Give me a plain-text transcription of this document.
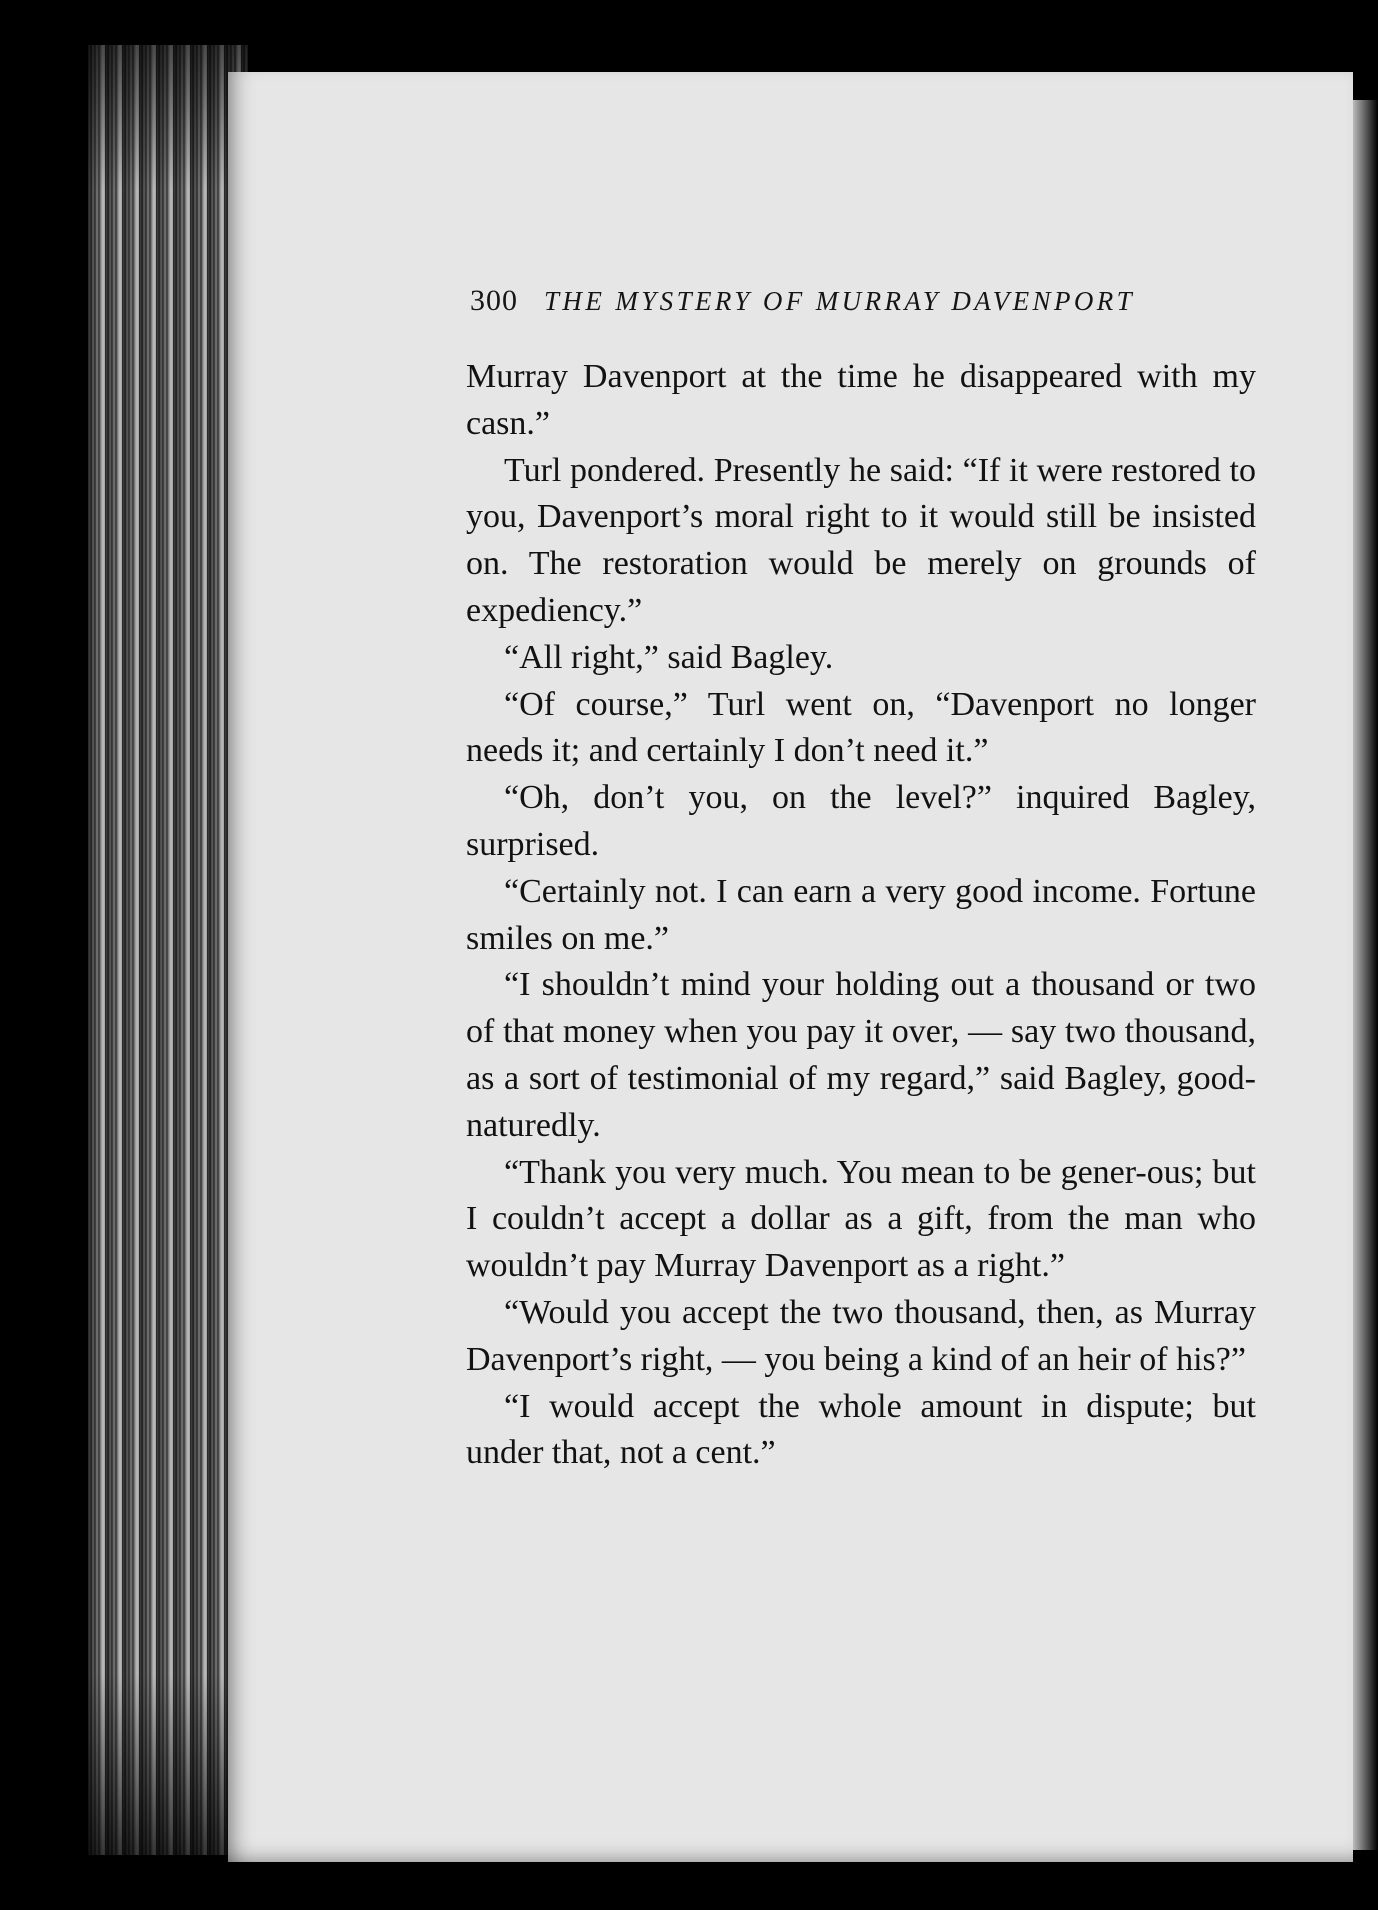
300 THE MYSTERY OF MURRAY DAVENPORT

Murray Davenport at the time he disappeared with my casn.”

Turl pondered. Presently he said: “If it were restored to you, Davenport’s moral right to it would still be insisted on. The restoration would be merely on grounds of expediency.”

“All right,” said Bagley.

“Of course,” Turl went on, “Davenport no longer needs it; and certainly I don’t need it.”

“Oh, don’t you, on the level?” inquired Bagley, surprised.

“Certainly not. I can earn a very good income. Fortune smiles on me.”

“I shouldn’t mind your holding out a thousand or two of that money when you pay it over, — say two thousand, as a sort of testimonial of my regard,” said Bagley, good-naturedly.

“Thank you very much. You mean to be gener-ous; but I couldn’t accept a dollar as a gift, from the man who wouldn’t pay Murray Davenport as a right.”

“Would you accept the two thousand, then, as Murray Davenport’s right, — you being a kind of an heir of his?”

“I would accept the whole amount in dispute; but under that, not a cent.”
